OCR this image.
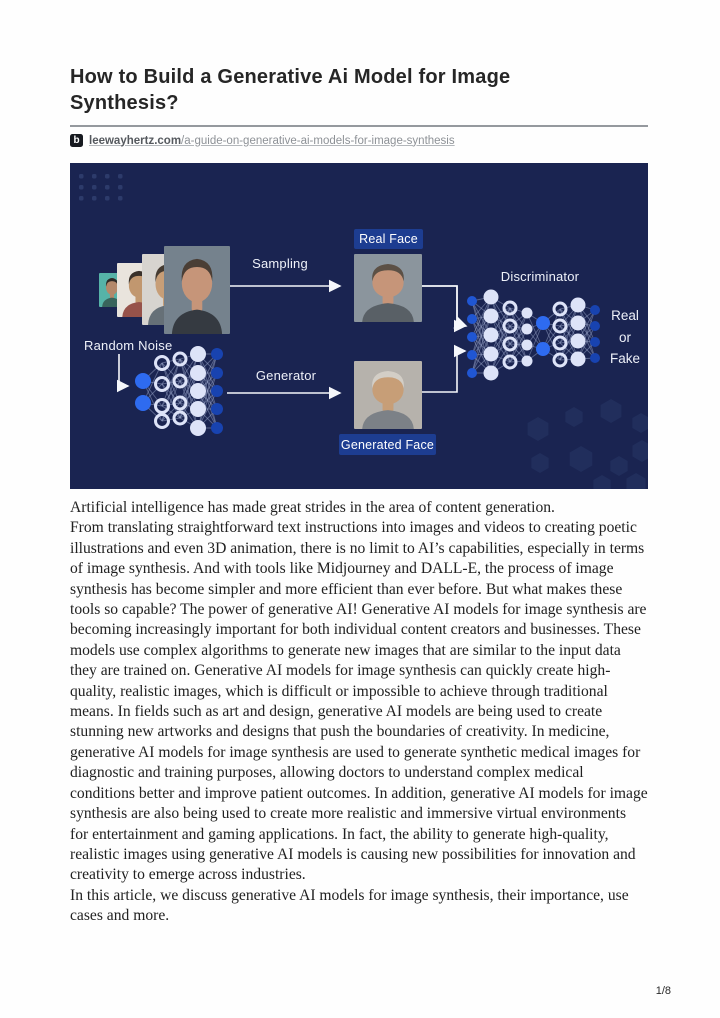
How to Build a Generative Ai Model for Image
Synthesis?
b leewayhertz.com/a-guide-on-generative-ai-models-for-image-synthesis
Sampling
Real Face
Discriminator
Random Noise
Generator
Generated Face
Real
or
Fake

Artificial intelligence has made great strides in the area of content generation.

From translating straightforward text instructions into images and videos to creating poetic illustrations and even 3D animation, there is no limit to AI’s capabilities, especially in terms of image synthesis. And with tools like Midjourney and DALL-E, the process of image synthesis has become simpler and more efficient than ever before. But what makes these tools so capable? The power of generative AI! Generative AI models for image synthesis are becoming increasingly important for both individual content creators and businesses. These models use complex algorithms to generate new images that are similar to the input data they are trained on. Generative AI models for image synthesis can quickly create high-quality, realistic images, which is difficult or impossible to achieve through traditional means. In fields such as art and design, generative AI models are being used to create stunning new artworks and designs that push the boundaries of creativity. In medicine, generative AI models for image synthesis are used to generate synthetic medical images for diagnostic and training purposes, allowing doctors to understand complex medical conditions better and improve patient outcomes. In addition, generative AI models for image synthesis are also being used to create more realistic and immersive virtual environments for entertainment and gaming applications. In fact, the ability to generate high-quality, realistic images using generative AI models is causing new possibilities for innovation and creativity to emerge across industries.

In this article, we discuss generative AI models for image synthesis, their importance, use cases and more.

1/8
